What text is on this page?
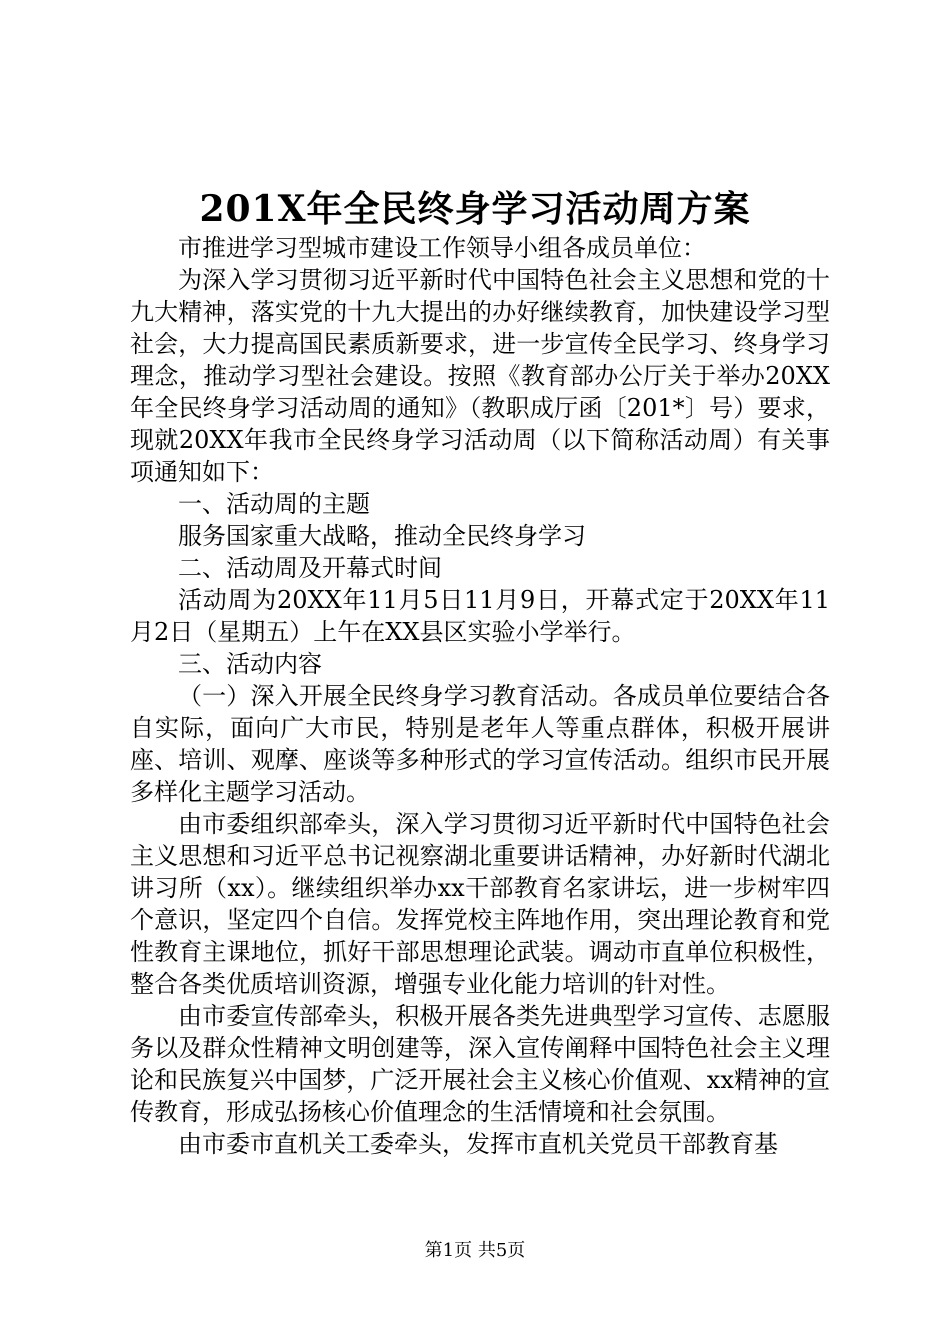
201X年全民终身学习活动周方案

市推进学习型城市建设工作领导小组各成员单位：

为深入学习贯彻习近平新时代中国特色社会主义思想和党的十九大精神，落实党的十九大提出的办好继续教育，加快建设学习型社会，大力提高国民素质新要求，进一步宣传全民学习、终身学习理念，推动学习型社会建设。按照《教育部办公厅关于举办20XX年全民终身学习活动周的通知》（教职成厅函〔201*〕号）要求，现就20XX年我市全民终身学习活动周（以下简称活动周）有关事项通知如下：

一、活动周的主题

服务国家重大战略，推动全民终身学习

二、活动周及开幕式时间

活动周为20XX年11月5日11月9日，开幕式定于20XX年11月2日（星期五）上午在XX县区实验小学举行。

三、活动内容

（一）深入开展全民终身学习教育活动。各成员单位要结合各自实际，面向广大市民，特别是老年人等重点群体，积极开展讲座、培训、观摩、座谈等多种形式的学习宣传活动。组织市民开展多样化主题学习活动。

由市委组织部牵头，深入学习贯彻习近平新时代中国特色社会主义思想和习近平总书记视察湖北重要讲话精神，办好新时代湖北讲习所（xx）。继续组织举办xx干部教育名家讲坛，进一步树牢四个意识，坚定四个自信。发挥党校主阵地作用，突出理论教育和党性教育主课地位，抓好干部思想理论武装。调动市直单位积极性，整合各类优质培训资源，增强专业化能力培训的针对性。

由市委宣传部牵头，积极开展各类先进典型学习宣传、志愿服务以及群众性精神文明创建等，深入宣传阐释中国特色社会主义理论和民族复兴中国梦，广泛开展社会主义核心价值观、xx精神的宣传教育，形成弘扬核心价值理念的生活情境和社会氛围。

由市委市直机关工委牵头，发挥市直机关党员干部教育基

第1页 共5页
